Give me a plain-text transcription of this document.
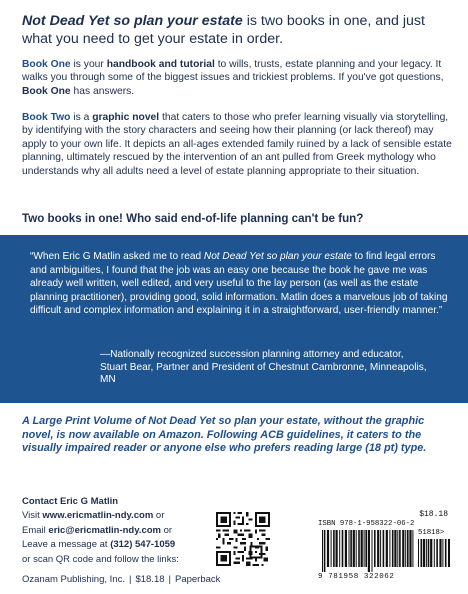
Not Dead Yet so plan your estate is two books in one, and just what you need to get your estate in order.
Book One is your handbook and tutorial to wills, trusts, estate planning and your legacy. It walks you through some of the biggest issues and trickiest problems. If you've got questions, Book One has answers.
Book Two is a graphic novel that caters to those who prefer learning visually via storytelling, by identifying with the story characters and seeing how their planning (or lack thereof) may apply to your own life. It depicts an all-ages extended family ruined by a lack of sensible estate planning, ultimately rescued by the intervention of an ant pulled from Greek mythology who understands why all adults need a level of estate planning appropriate to their situation.
Two books in one! Who said end-of-life planning can't be fun?
“When Eric G Matlin asked me to read Not Dead Yet so plan your estate to find legal errors and ambiguities, I found that the job was an easy one because the book he gave me was already well written, well edited, and very useful to the lay person (as well as the estate planning practitioner), providing good, solid information. Matlin does a marvelous job of taking difficult and complex information and explaining it in a straightforward, user-friendly manner.”
—Nationally recognized succession planning attorney and educator, Stuart Bear, Partner and President of Chestnut Cambronne, Minneapolis, MN
A Large Print Volume of Not Dead Yet so plan your estate, without the graphic novel, is now available on Amazon. Following ACB guidelines, it caters to the visually impaired reader or anyone else who prefers reading large (18 pt) type.
Contact Eric G Matlin
Visit www.ericmatlin-ndy.com or
Email eric@ericmatlin-ndy.com or
Leave a message at (312) 547-1059
or scan QR code and follow the links:
Ozanam Publishing, Inc. | $18.18 | Paperback
$18.18
ISBN 978-1-958322-06-2
51818>
9 781958 322062
